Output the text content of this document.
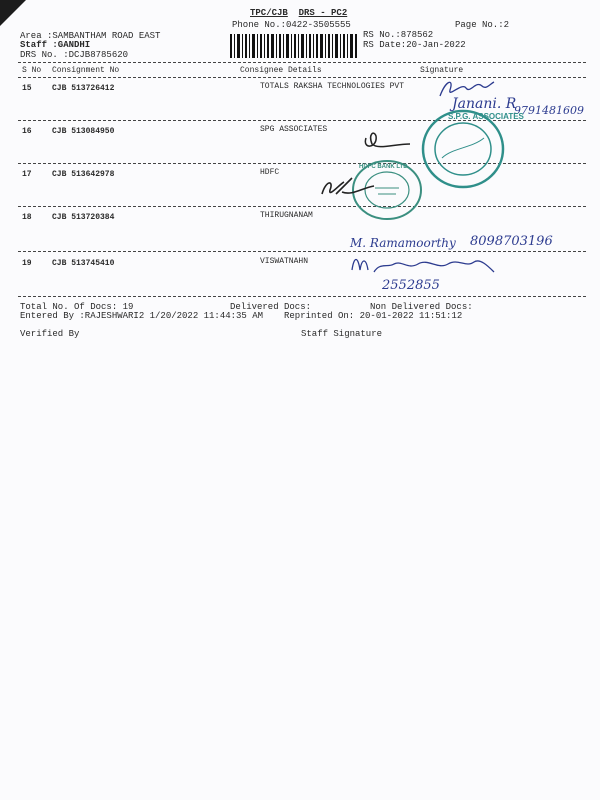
TPC/CJB DRS - PC2
Phone No.:0422-3505555	Page No.:2
Area :SAMBANTHAM ROAD EAST
Staff :GANDHI
DRS No. :DCJB8785620
RS No.:878562
RS Date:20-Jan-2022
S No Consignment No	Consignee Details	Signature
15	CJB 513726412	TOTALS RAKSHA TECHNOLOGIES PVT
16	CJB 513084950	SPG ASSOCIATES
17	CJB 513642978	HDFC
18	CJB 513720384	THIRUGNANAM
19	CJB 513745410	VISWATNAHN
Janani. R
9791481609
S.P.G. ASSOCIATES
HDFC BANK LTD.
M. Ramamoorthy 8098703196
2552855
Total No. Of Docs: 19	Delivered Docs:	Non Delivered Docs:
Entered By :RAJESHWARI2 1/20/2022 11:44:35 AM Reprinted On: 20-01-2022 11:51:12
Verified By	Staff Signature
